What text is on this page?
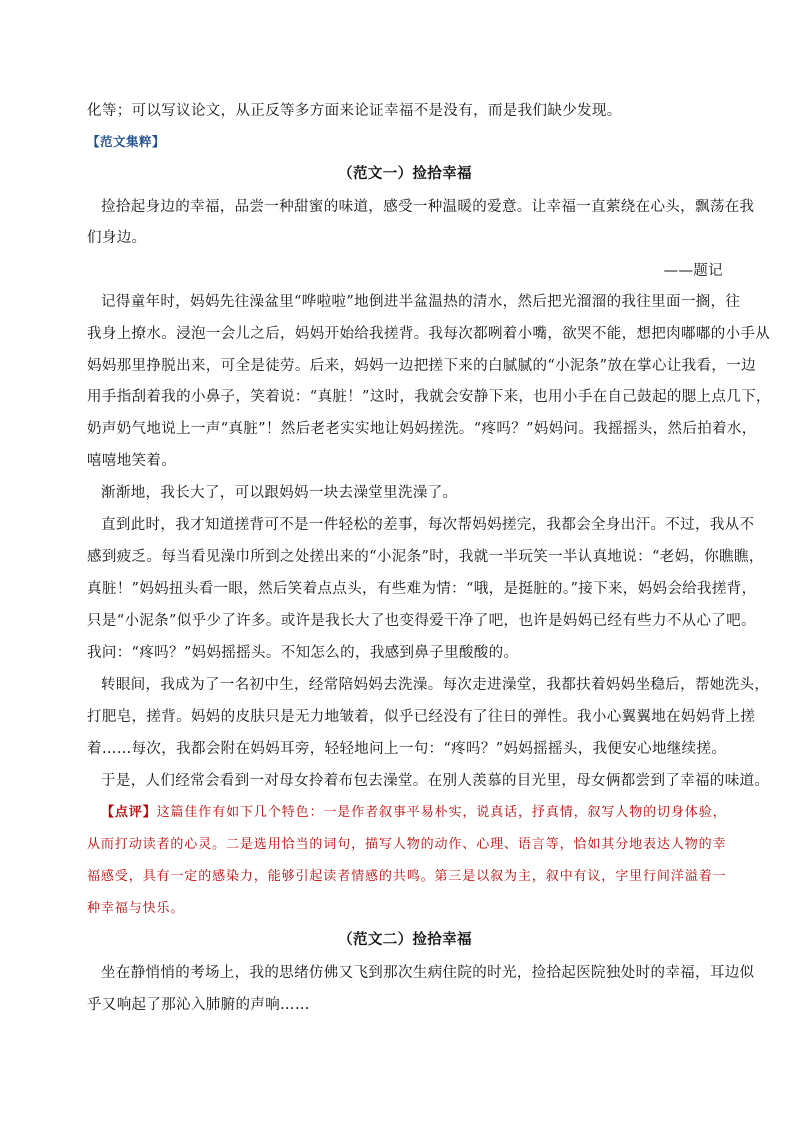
化等；可以写议论文，从正反等多方面来论证幸福不是没有，而是我们缺少发现。
【范文集粹】
（范文一）捡拾幸福
捡拾起身边的幸福，品尝一种甜蜜的味道，感受一种温暖的爱意。让幸福一直萦绕在心头，飘荡在我
们身边。
——题记
记得童年时，妈妈先往澡盆里“哗啦啦”地倒进半盆温热的清水，然后把光溜溜的我往里面一搁，往
我身上撩水。浸泡一会儿之后，妈妈开始给我搓背。我每次都咧着小嘴，欲哭不能，想把肉嘟嘟的小手从
妈妈那里挣脱出来，可全是徒劳。后来，妈妈一边把搓下来的白腻腻的“小泥条”放在掌心让我看，一边
用手指刮着我的小鼻子，笑着说：“真脏！”这时，我就会安静下来，也用小手在自己鼓起的腮上点几下，
奶声奶气地说上一声“真脏”！然后老老实实地让妈妈搓洗。“疼吗？”妈妈问。我摇摇头，然后拍着水，
嘻嘻地笑着。
渐渐地，我长大了，可以跟妈妈一块去澡堂里洗澡了。
直到此时，我才知道搓背可不是一件轻松的差事，每次帮妈妈搓完，我都会全身出汗。不过，我从不
感到疲乏。每当看见澡巾所到之处搓出来的“小泥条”时，我就一半玩笑一半认真地说：“老妈，你瞧瞧，
真脏！”妈妈扭头看一眼，然后笑着点点头，有些难为情：“哦，是挺脏的。”接下来，妈妈会给我搓背，
只是“小泥条”似乎少了许多。或许是我长大了也变得爱干净了吧，也许是妈妈已经有些力不从心了吧。
我问：“疼吗？”妈妈摇摇头。不知怎么的，我感到鼻子里酸酸的。
转眼间，我成为了一名初中生，经常陪妈妈去洗澡。每次走进澡堂，我都扶着妈妈坐稳后，帮她洗头，
打肥皂，搓背。妈妈的皮肤只是无力地皱着，似乎已经没有了往日的弹性。我小心翼翼地在妈妈背上搓
着……每次，我都会附在妈妈耳旁，轻轻地问上一句：“疼吗？”妈妈摇摇头，我便安心地继续搓。
于是，人们经常会看到一对母女拎着布包去澡堂。在别人羡慕的目光里，母女俩都尝到了幸福的味道。
【点评】这篇佳作有如下几个特色：一是作者叙事平易朴实，说真话，抒真情，叙写人物的切身体验，
从而打动读者的心灵。二是选用恰当的词句，描写人物的动作、心理、语言等，恰如其分地表达人物的幸
福感受，具有一定的感染力，能够引起读者情感的共鸣。第三是以叙为主，叙中有议，字里行间洋溢着一
种幸福与快乐。
（范文二）捡拾幸福
坐在静悄悄的考场上，我的思绪仿佛又飞到那次生病住院的时光，捡拾起医院独处时的幸福，耳边似
乎又响起了那沁入肺腑的声响……
